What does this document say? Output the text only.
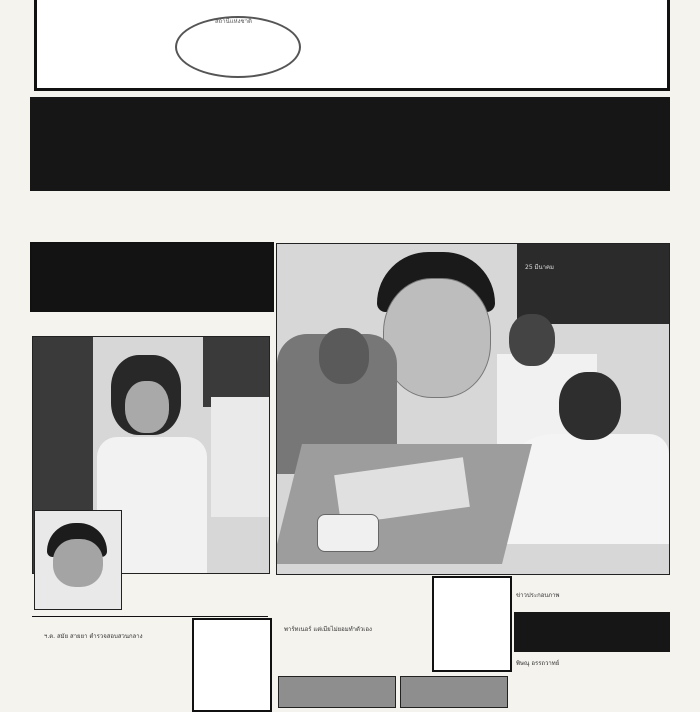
สถานีแห่งชาติ
25 มีนาคม
ฯ.ต. สมัย สายยา ตำรวจสอบสวนกลาง
พาร์ทเนอร์ แต่เมียไม่ยอมทำตัวเอง
ข่าวประกอบภาพ
พิษณุ อรรถวาทย์
